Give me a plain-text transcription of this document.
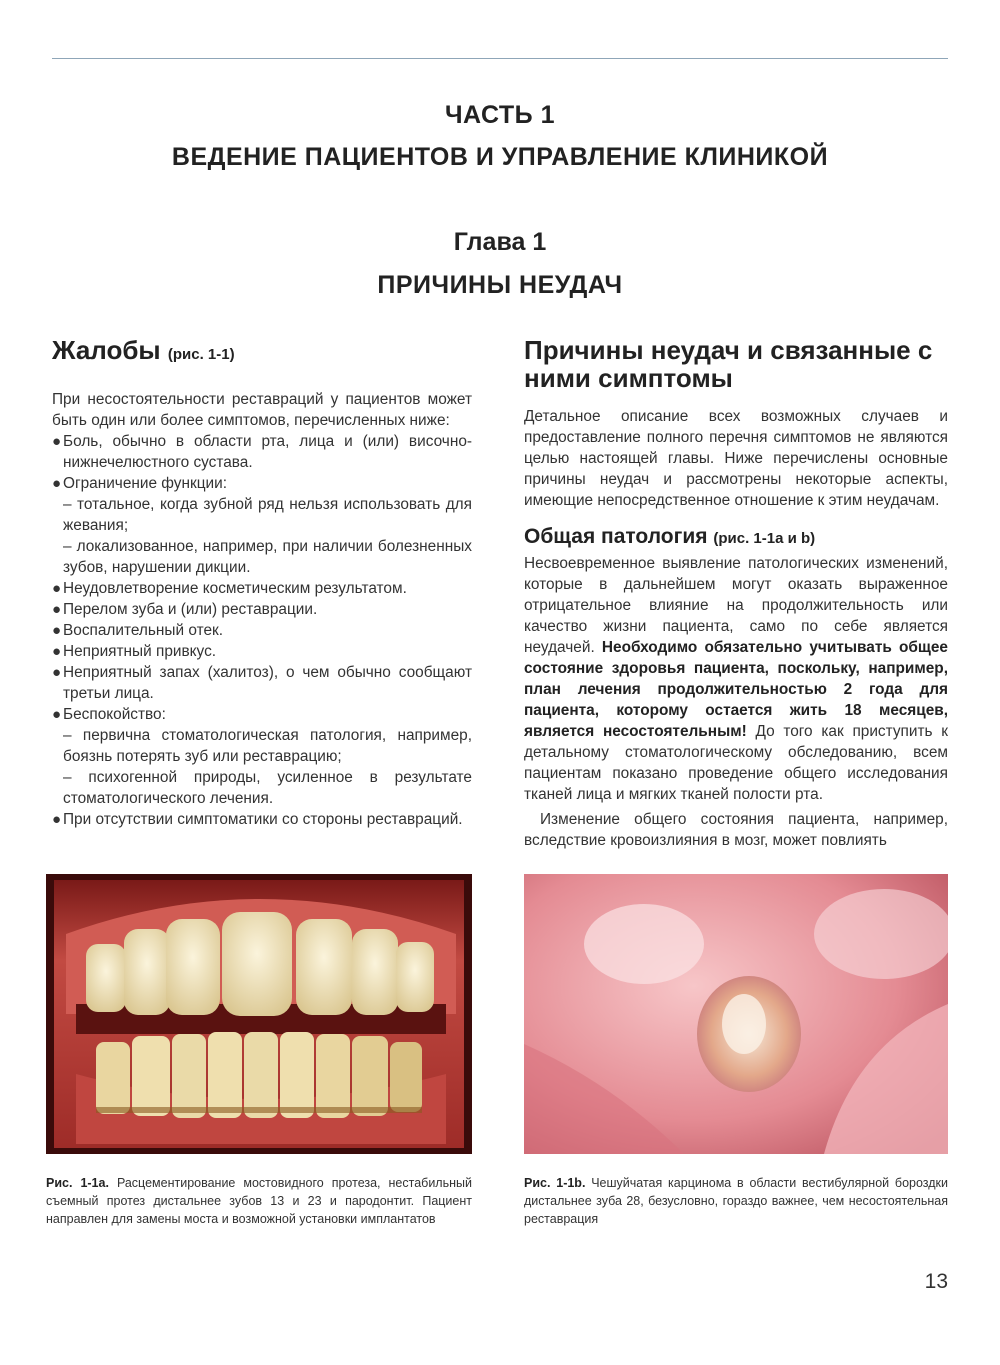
ЧАСТЬ 1
ВЕДЕНИЕ ПАЦИЕНТОВ И УПРАВЛЕНИЕ КЛИНИКОЙ
Глава 1
ПРИЧИНЫ НЕУДАЧ
Жалобы (рис. 1-1)

При несостоятельности реставраций у пациентов может быть один или более симптомов, перечисленных ниже:

● Боль, обычно в области рта, лица и (или) височно-нижнечелюстного сустава.
● Ограничение функции:
– тотальное, когда зубной ряд нельзя использовать для жевания;
– локализованное, например, при наличии болезненных зубов, нарушении дикции.
● Неудовлетворение косметическим результатом.
● Перелом зуба и (или) реставрации.
● Воспалительный отек.
● Неприятный привкус.
● Неприятный запах (халитоз), о чем обычно сообщают третьи лица.
● Беспокойство:
– первична стоматологическая патология, например, боязнь потерять зуб или реставрацию;
– психогенной природы, усиленное в результате стоматологического лечения.
● При отсутствии симптоматики со стороны реставраций.
Причины неудач и связанные с ними симптомы

Детальное описание всех возможных случаев и предоставление полного перечня симптомов не являются целью настоящей главы. Ниже перечислены основные причины неудач и рассмотрены некоторые аспекты, имеющие непосредственное отношение к этим неудачам.

Общая патология (рис. 1-1a и b)

Несвоевременное выявление патологических изменений, которые в дальнейшем могут оказать выраженное отрицательное влияние на продолжительность или качество жизни пациента, само по себе является неудачей. Необходимо обязательно учитывать общее состояние здоровья пациента, поскольку, например, план лечения продолжительностью 2 года для пациента, которому остается жить 18 месяцев, является несостоятельным! До того как приступить к детальному стоматологическому обследованию, всем пациентам показано проведение общего исследования тканей лица и мягких тканей полости рта.

Изменение общего состояния пациента, например, вследствие кровоизлияния в мозг, может повлиять

Рис. 1-1a. Расцементирование мостовидного протеза, нестабильный съемный протез дистальнее зубов 13 и 23 и пародонтит. Пациент направлен для замены моста и возможной установки имплантатов
Рис. 1-1b. Чешуйчатая карцинома в области вестибулярной бороздки дистальнее зуба 28, безусловно, гораздо важнее, чем несостоятельная реставрация
13
